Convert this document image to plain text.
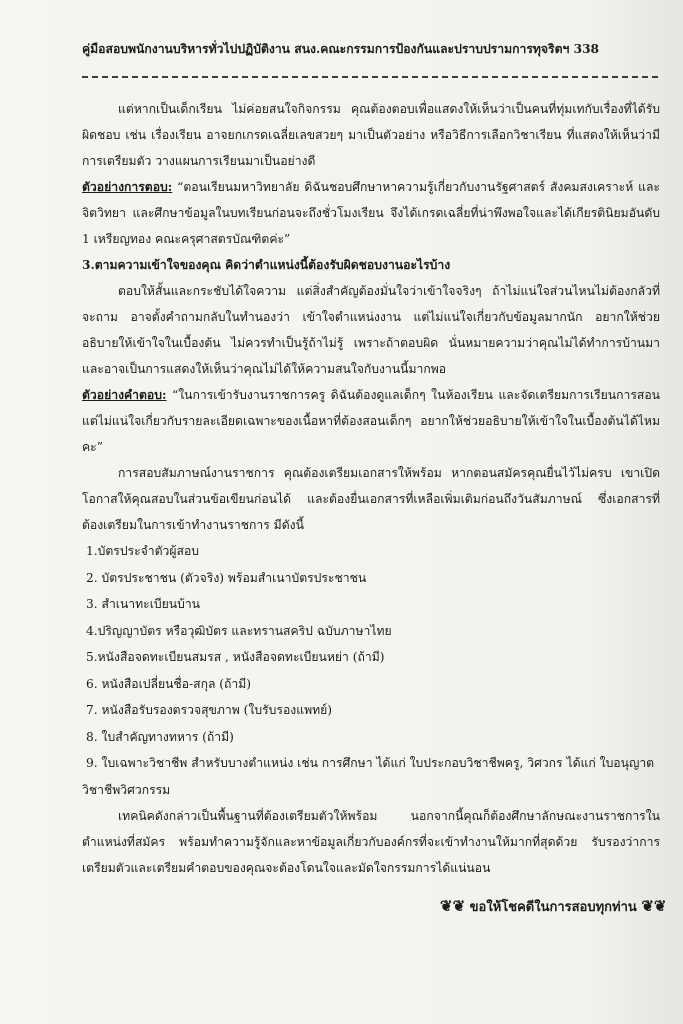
คู่มือสอบพนักงานบริหารทั่วไปปฏิบัติงาน สนง.คณะกรรมการป้องกันและปราบปรามการทุจริตฯ 338

แต่หากเป็นเด็กเรียน ไม่ค่อยสนใจกิจกรรม คุณต้องตอบเพื่อแสดงให้เห็นว่าเป็นคนที่ทุ่มเทกับเรื่องที่ได้รับผิดชอบ เช่น เรื่องเรียน อาจยกเกรดเฉลี่ยเลขสวยๆ มาเป็นตัวอย่าง หรือวิธีการเลือกวิชาเรียน ที่แสดงให้เห็นว่ามีการเตรียมตัว วางแผนการเรียนมาเป็นอย่างดี

ตัวอย่างการตอบ: “ตอนเรียนมหาวิทยาลัย ดิฉันชอบศึกษาหาความรู้เกี่ยวกับงานรัฐศาสตร์ สังคมสงเคราะห์ และจิตวิทยา และศึกษาข้อมูลในบทเรียนก่อนจะถึงชั่วโมงเรียน จึงได้เกรดเฉลี่ยที่น่าพึงพอใจและได้เกียรตินิยมอันดับ 1 เหรียญทอง คณะครุศาสตรบัณฑิตค่ะ”

3.ตามความเข้าใจของคุณ คิดว่าตำแหน่งนี้ต้องรับผิดชอบงานอะไรบ้าง

ตอบให้สั้นและกระชับได้ใจความ แต่สิ่งสำคัญต้องมั่นใจว่าเข้าใจจริงๆ ถ้าไม่แน่ใจส่วนไหนไม่ต้องกลัวที่จะถาม อาจตั้งคำถามกลับในทำนองว่า เข้าใจตำแหน่งงาน แต่ไม่แน่ใจเกี่ยวกับข้อมูลมากนัก อยากให้ช่วยอธิบายให้เข้าใจในเบื้องต้น ไม่ควรทำเป็นรู้ถ้าไม่รู้ เพราะถ้าตอบผิด นั่นหมายความว่าคุณไม่ได้ทำการบ้านมา และอาจเป็นการแสดงให้เห็นว่าคุณไม่ได้ให้ความสนใจกับงานนี้มากพอ

ตัวอย่างคำตอบ: “ในการเข้ารับงานราชการครู ดิฉันต้องดูแลเด็กๆ ในห้องเรียน และจัดเตรียมการเรียนการสอน แต่ไม่แน่ใจเกี่ยวกับรายละเอียดเฉพาะของเนื้อหาที่ต้องสอนเด็กๆ อยากให้ช่วยอธิบายให้เข้าใจในเบื้องต้นได้ไหมคะ”

การสอบสัมภาษณ์งานราชการ คุณต้องเตรียมเอกสารให้พร้อม หากตอนสมัครคุณยื่นไว้ไม่ครบ เขาเปิดโอกาสให้คุณสอบในส่วนข้อเขียนก่อนได้ และต้องยื่นเอกสารที่เหลือเพิ่มเติมก่อนถึงวันสัมภาษณ์ ซึ่งเอกสารที่ต้องเตรียมในการเข้าทำงานราชการ มีดังนี้

1.บัตรประจำตัวผู้สอบ
2. บัตรประชาชน (ตัวจริง) พร้อมสำเนาบัตรประชาชน
3. สำเนาทะเบียนบ้าน
4.ปริญญาบัตร หรือวุฒิบัตร และทรานสคริป ฉบับภาษาไทย
5.หนังสือจดทะเบียนสมรส , หนังสือจดทะเบียนหย่า (ถ้ามี)
6. หนังสือเปลี่ยนชื่อ-สกุล (ถ้ามี)
7. หนังสือรับรองตรวจสุขภาพ (ใบรับรองแพทย์)
8. ใบสำคัญทางทหาร (ถ้ามี)
9. ใบเฉพาะวิชาชีพ สำหรับบางตำแหน่ง เช่น การศึกษา ได้แก่ ใบประกอบวิชาชีพครู, วิศวกร ได้แก่ ใบอนุญาต
วิชาชีพวิศวกรรม

เทคนิคดังกล่าวเป็นพื้นฐานที่ต้องเตรียมตัวให้พร้อม นอกจากนี้คุณก็ต้องศึกษาลักษณะงานราชการในตำแหน่งที่สมัคร พร้อมทำความรู้จักและหาข้อมูลเกี่ยวกับองค์กรที่จะเข้าทำงานให้มากที่สุดด้วย รับรองว่าการเตรียมตัวและเตรียมคำตอบของคุณจะต้องโดนใจและมัดใจกรรมการได้แน่นอน

❦❦ ขอให้โชคดีในการสอบทุกท่าน ❦❦
